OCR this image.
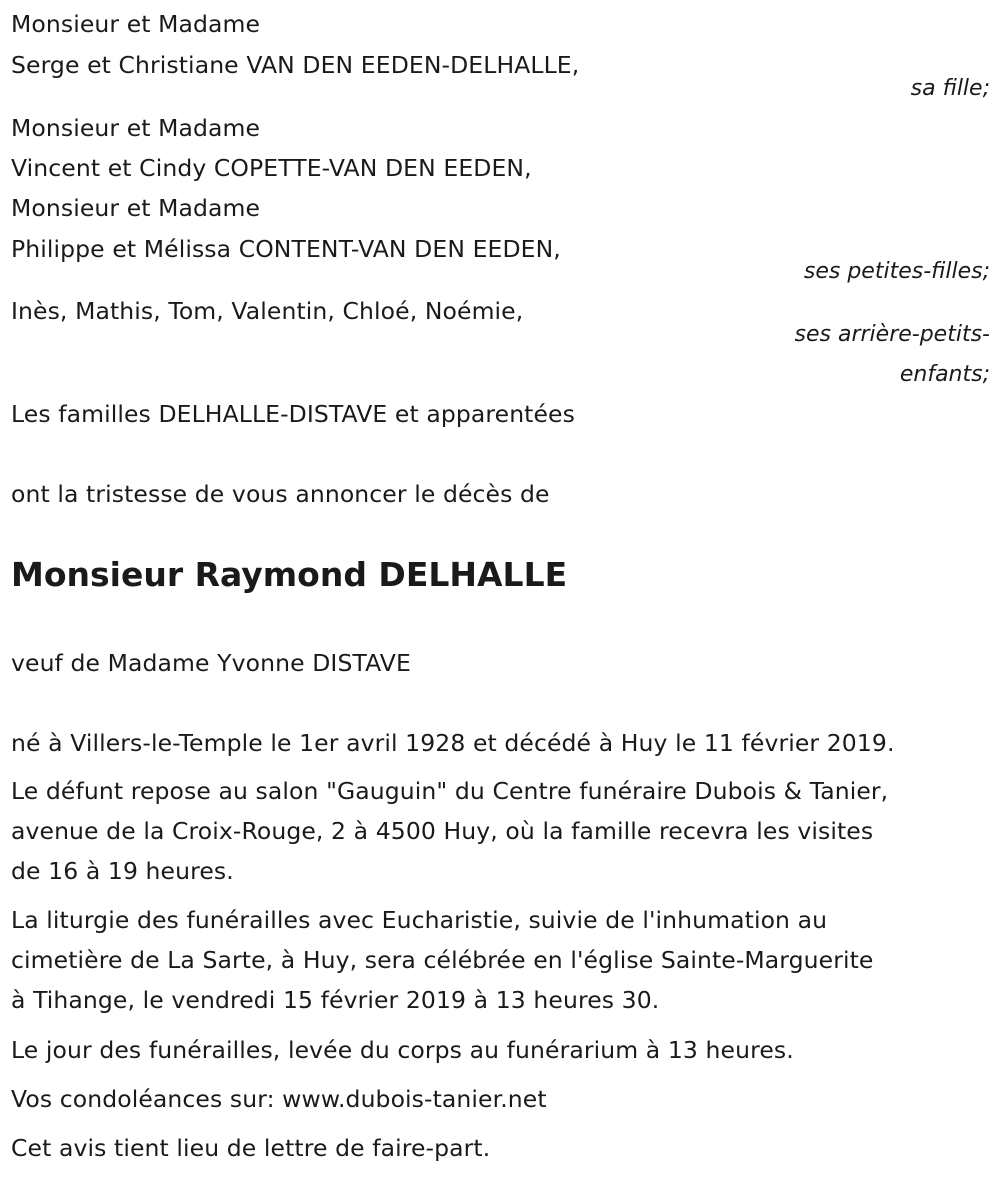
Monsieur et Madame
Serge et Christiane VAN DEN EEDEN-DELHALLE,
sa fille;
Monsieur et Madame
Vincent et Cindy COPETTE-VAN DEN EEDEN,
Monsieur et Madame
Philippe et Mélissa CONTENT-VAN DEN EEDEN,
ses petites-filles;
Inès, Mathis, Tom, Valentin, Chloé, Noémie,
ses arrière-petits-
enfants;
Les familles DELHALLE-DISTAVE et apparentées
ont la tristesse de vous annoncer le décès de
Monsieur Raymond DELHALLE
veuf de Madame Yvonne DISTAVE
né à Villers-le-Temple le 1er avril 1928 et décédé à Huy le 11 février 2019.
Le défunt repose au salon "Gauguin" du Centre funéraire Dubois & Tanier,
avenue de la Croix-Rouge, 2 à 4500 Huy, où la famille recevra les visites
de 16 à 19 heures.
La liturgie des funérailles avec Eucharistie, suivie de l'inhumation au
cimetière de La Sarte, à Huy, sera célébrée en l'église Sainte-Marguerite
à Tihange, le vendredi 15 février 2019 à 13 heures 30.
Le jour des funérailles, levée du corps au funérarium à 13 heures.
Vos condoléances sur: www.dubois-tanier.net
Cet avis tient lieu de lettre de faire-part.
